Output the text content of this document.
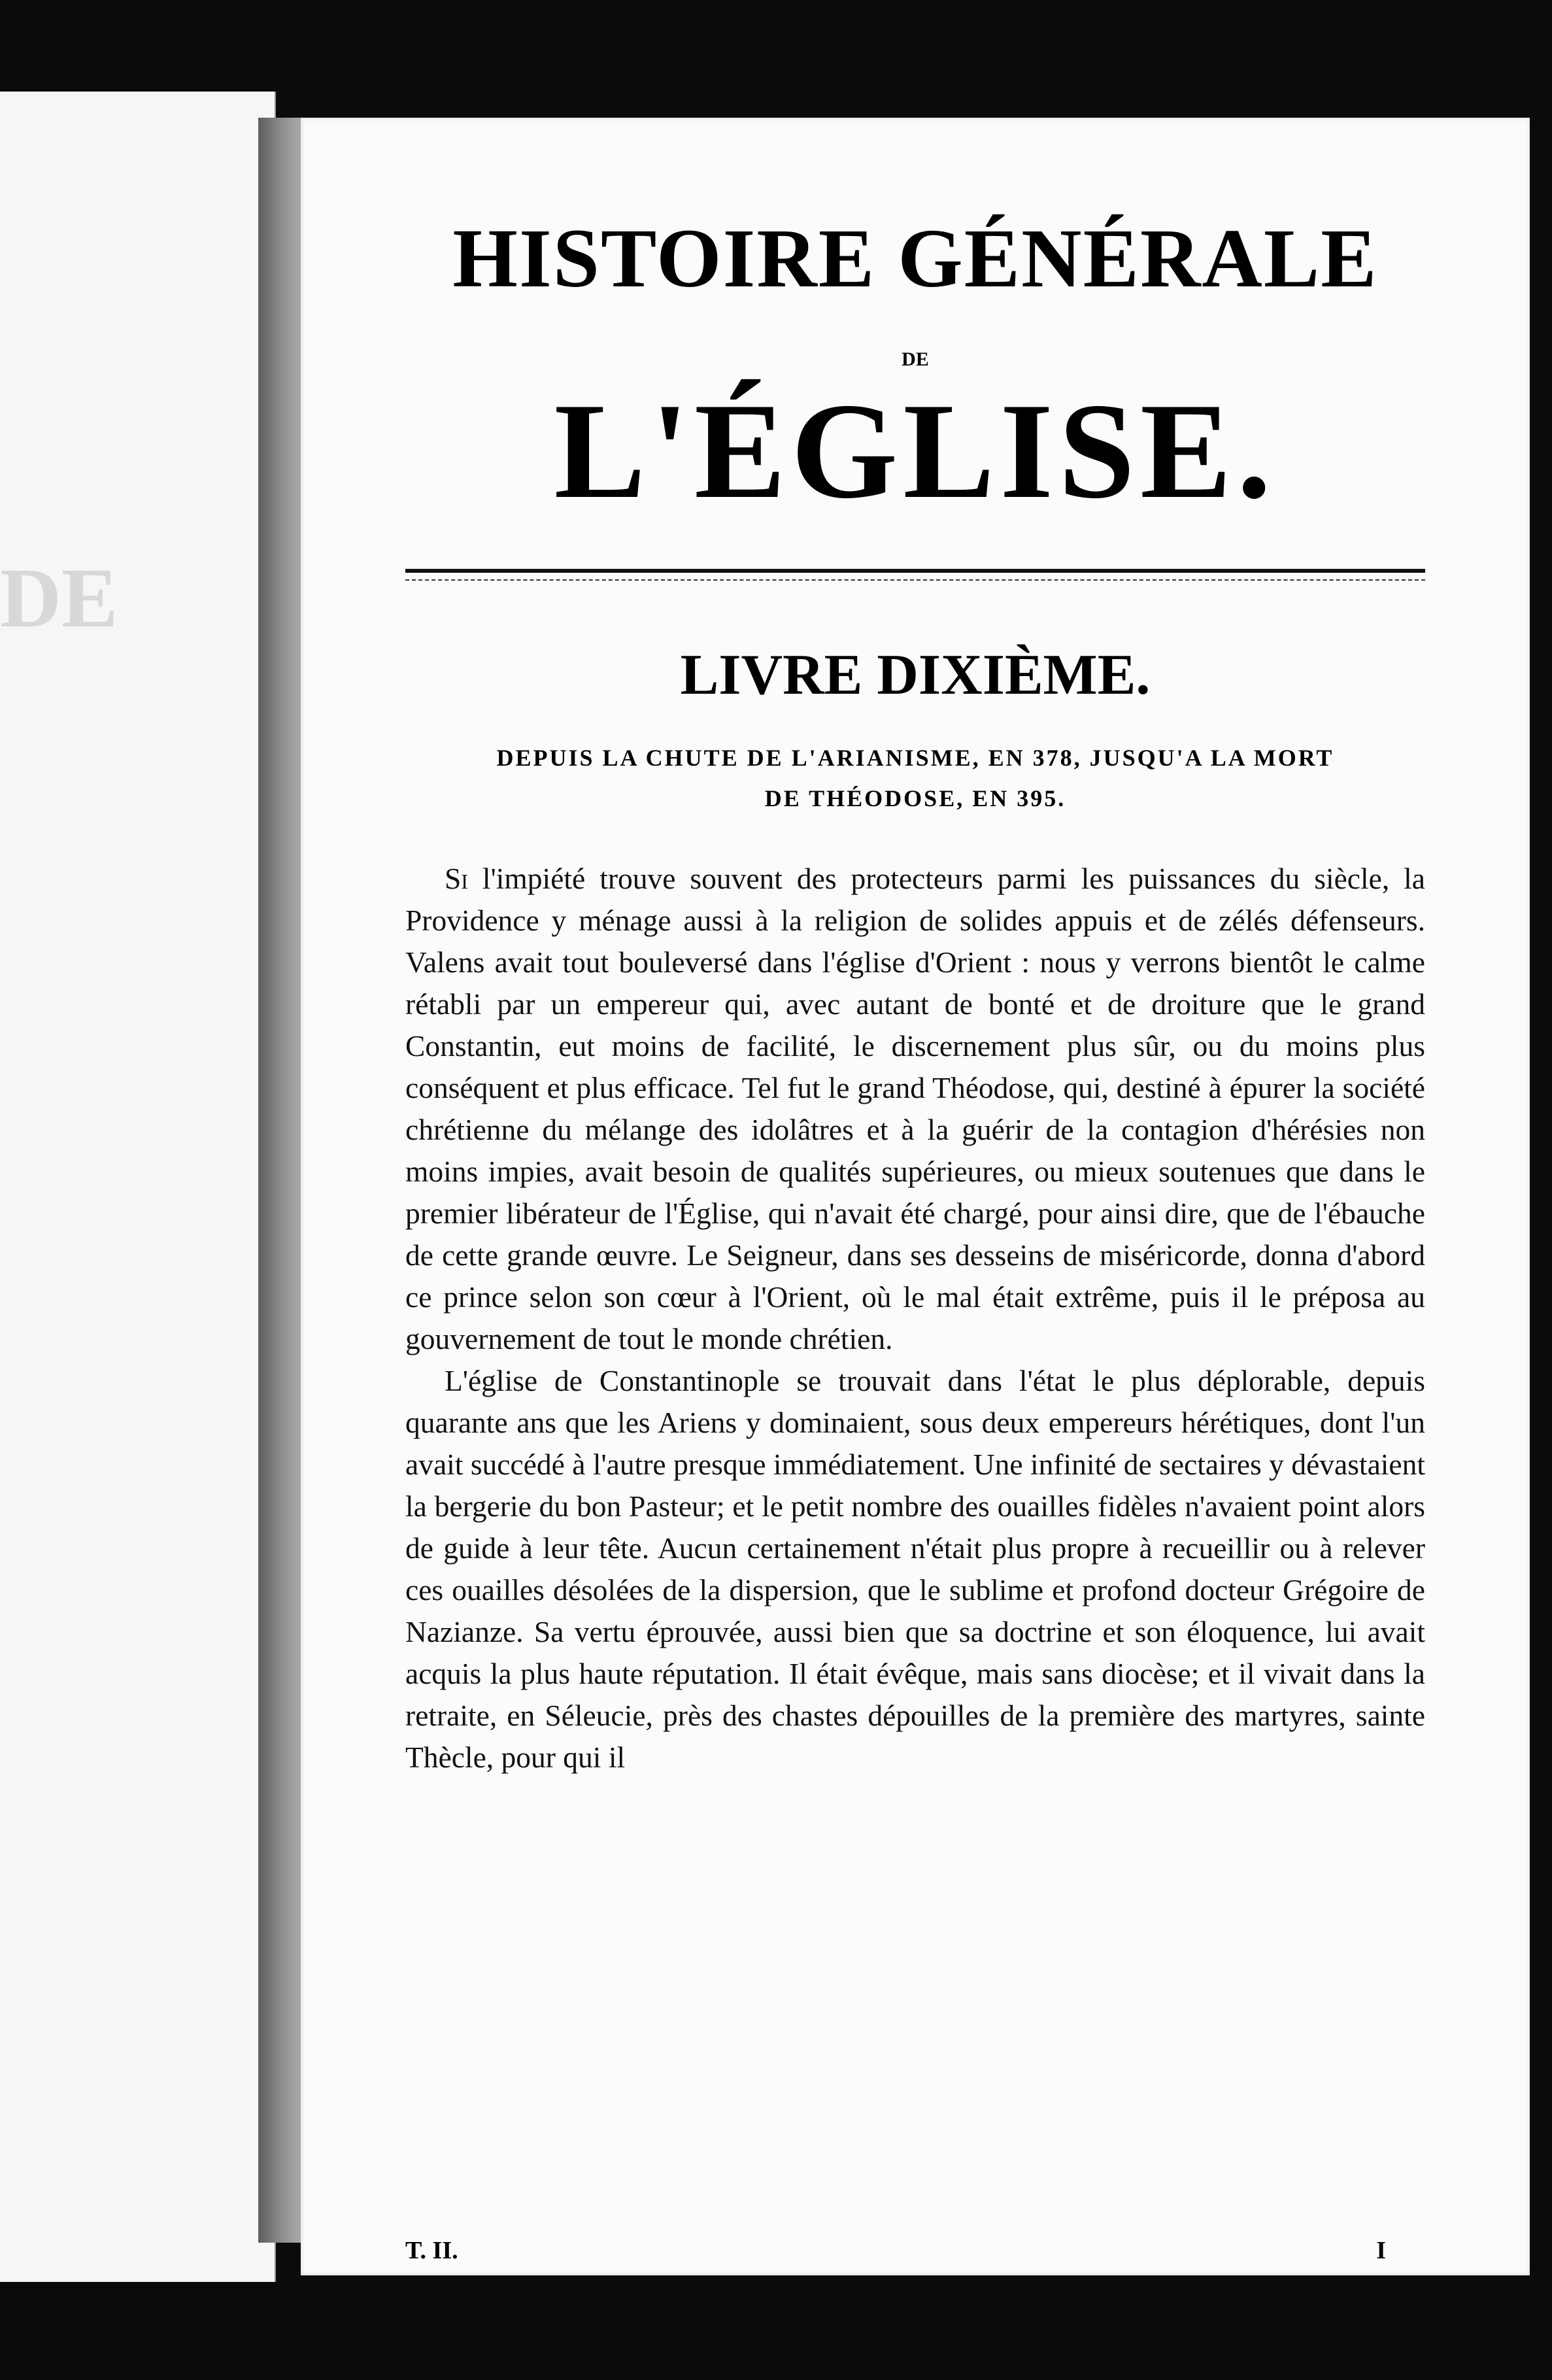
DE
HISTOIRE GÉNÉRALE
DE
L'ÉGLISE.
LIVRE DIXIÈME.
DEPUIS LA CHUTE DE L'ARIANISME, EN 378, JUSQU'A LA MORT
DE THÉODOSE, EN 395.

Si l'impiété trouve souvent des protecteurs parmi les puissances du siècle, la Providence y ménage aussi à la religion de solides appuis et de zélés défenseurs. Valens avait tout bouleversé dans l'église d'Orient : nous y verrons bientôt le calme rétabli par un empereur qui, avec autant de bonté et de droiture que le grand Constantin, eut moins de facilité, le discernement plus sûr, ou du moins plus conséquent et plus efficace. Tel fut le grand Théodose, qui, destiné à épurer la société chrétienne du mélange des idolâtres et à la guérir de la contagion d'hérésies non moins impies, avait besoin de qualités supérieures, ou mieux soutenues que dans le premier libérateur de l'Église, qui n'avait été chargé, pour ainsi dire, que de l'ébauche de cette grande œuvre. Le Seigneur, dans ses desseins de miséricorde, donna d'abord ce prince selon son cœur à l'Orient, où le mal était extrême, puis il le préposa au gouvernement de tout le monde chrétien.

L'église de Constantinople se trouvait dans l'état le plus déplorable, depuis quarante ans que les Ariens y dominaient, sous deux empereurs hérétiques, dont l'un avait succédé à l'autre presque immédiatement. Une infinité de sectaires y dévastaient la bergerie du bon Pasteur; et le petit nombre des ouailles fidèles n'avaient point alors de guide à leur tête. Aucun certainement n'était plus propre à recueillir ou à relever ces ouailles désolées de la dispersion, que le sublime et profond docteur Grégoire de Nazianze. Sa vertu éprouvée, aussi bien que sa doctrine et son éloquence, lui avait acquis la plus haute réputation. Il était évêque, mais sans diocèse; et il vivait dans la retraite, en Séleucie, près des chastes dépouilles de la première des martyres, sainte Thècle, pour qui il

T. II.	I
